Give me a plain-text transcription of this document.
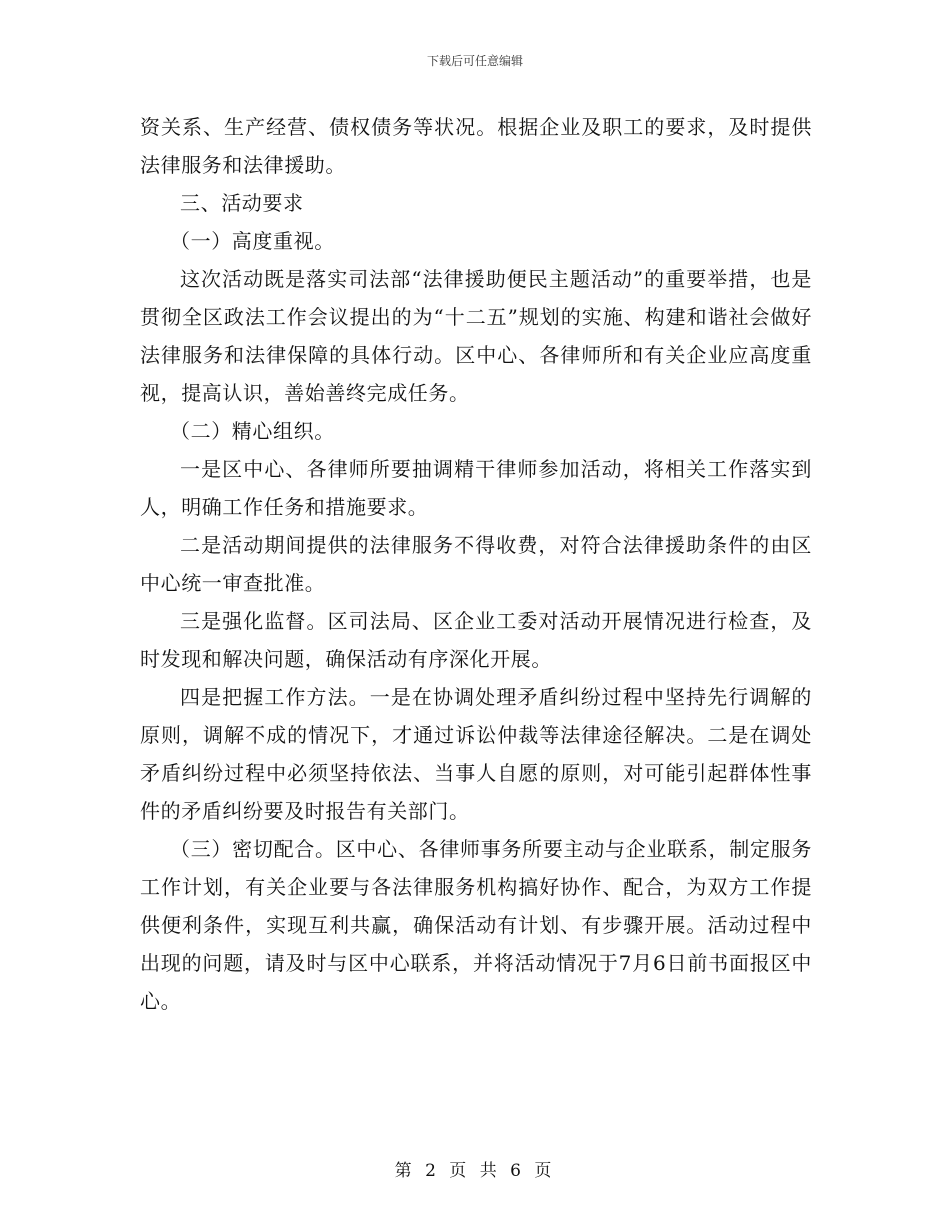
下载后可任意编辑

资关系、生产经营、债权债务等状况。根据企业及职工的要求，及时提供法律服务和法律援助。

三、活动要求

（一）高度重视。

这次活动既是落实司法部“法律援助便民主题活动”的重要举措，也是贯彻全区政法工作会议提出的为“十二五”规划的实施、构建和谐社会做好法律服务和法律保障的具体行动。区中心、各律师所和有关企业应高度重视，提高认识，善始善终完成任务。

（二）精心组织。

一是区中心、各律师所要抽调精干律师参加活动，将相关工作落实到人，明确工作任务和措施要求。

二是活动期间提供的法律服务不得收费，对符合法律援助条件的由区中心统一审查批准。

三是强化监督。区司法局、区企业工委对活动开展情况进行检查，及时发现和解决问题，确保活动有序深化开展。

四是把握工作方法。一是在协调处理矛盾纠纷过程中坚持先行调解的原则，调解不成的情况下，才通过诉讼仲裁等法律途径解决。二是在调处矛盾纠纷过程中必须坚持依法、当事人自愿的原则，对可能引起群体性事件的矛盾纠纷要及时报告有关部门。

（三）密切配合。区中心、各律师事务所要主动与企业联系，制定服务工作计划，有关企业要与各法律服务机构搞好协作、配合，为双方工作提供便利条件，实现互利共赢，确保活动有计划、有步骤开展。活动过程中出现的问题，请及时与区中心联系，并将活动情况于7月6日前书面报区中心。

第 2 页 共 6 页
